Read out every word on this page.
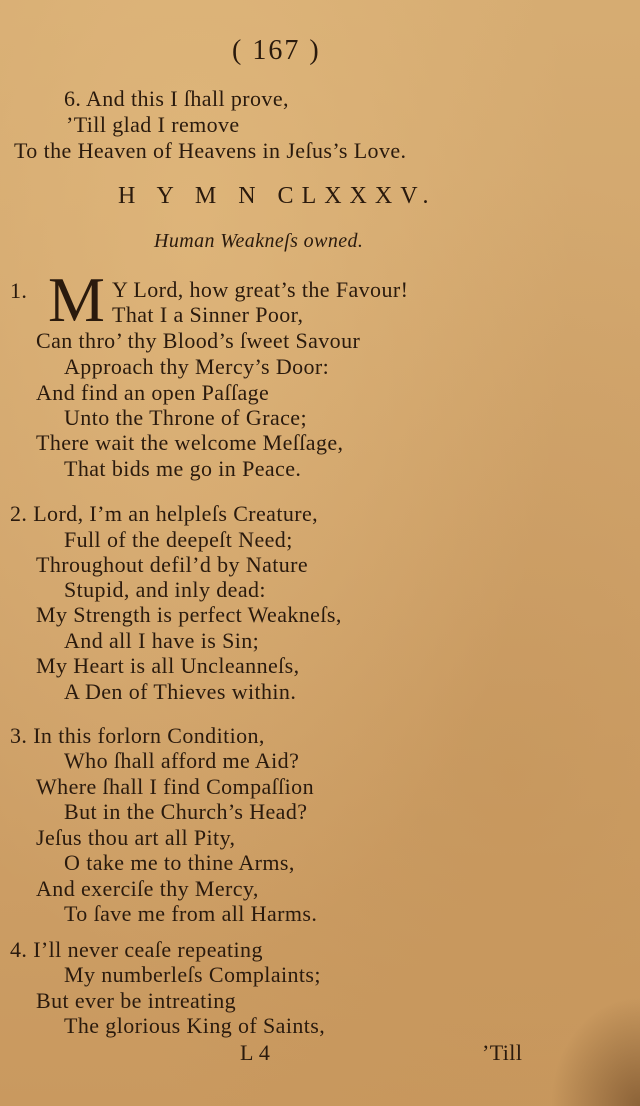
( 167 )
6. And this I ſhall prove,
’Till glad I remove
To the Heaven of Heavens in Jeſus’s Love.
H Y M N CLXXXV.
Human Weakneſs owned.
1. M Y Lord, how great’s the Favour!
That I a Sinner Poor,
Can thro’ thy Blood’s ſweet Savour
Approach thy Mercy’s Door:
And find an open Paſſage
Unto the Throne of Grace;
There wait the welcome Meſſage,
That bids me go in Peace.
2. Lord, I’m an helpleſs Creature,
Full of the deepeſt Need;
Throughout defil’d by Nature
Stupid, and inly dead:
My Strength is perfect Weakneſs,
And all I have is Sin;
My Heart is all Uncleanneſs,
A Den of Thieves within.
3. In this forlorn Condition,
Who ſhall afford me Aid?
Where ſhall I find Compaſſion
But in the Church’s Head?
Jeſus thou art all Pity,
O take me to thine Arms,
And exerciſe thy Mercy,
To ſave me from all Harms.
4. I’ll never ceaſe repeating
My numberleſs Complaints;
But ever be intreating
The glorious King of Saints,
L 4	’Till
